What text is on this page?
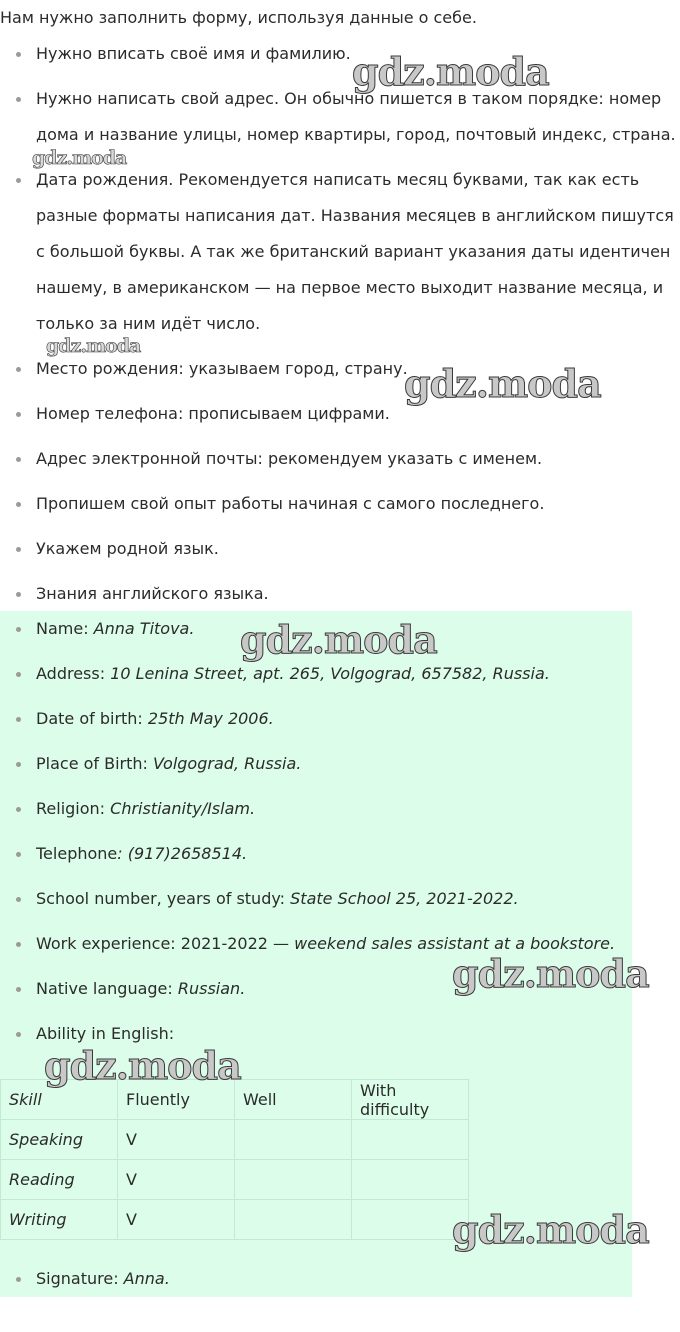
Нам нужно заполнить форму, используя данные о себе.

Нужно вписать своё имя и фамилию.
Нужно написать свой адрес. Он обычно пишется в таком порядке: номер дома и название улицы, номер квартиры, город, почтовый индекс, страна.
Дата рождения. Рекомендуется написать месяц буквами, так как есть разные форматы написания дат. Названия месяцев в английском пишутся с большой буквы. А так же британский вариант указания даты идентичен нашему, в американском — на первое место выходит название месяца, и только за ним идёт число.
Место рождения: указываем город, страну.
Номер телефона: прописываем цифрами.
Адрес электронной почты: рекомендуем указать с именем.
Пропишем свой опыт работы начиная с самого последнего.
Укажем родной язык.
Знания английского языка.
Name: Anna Titova.
Address: 10 Lenina Street, apt. 265, Volgograd, 657582, Russia.
Date of birth: 25th May 2006.
Place of Birth: Volgograd, Russia.
Religion: Christianity/Islam.
Telephone: (917)2658514.
School number, years of study: State School 25, 2021-2022.
Work experience: 2021-2022 — weekend sales assistant at a bookstore.
Native language: Russian.
Ability in English:
Skill	Fluently	Well	With difficulty
Speaking	V		
Reading	V		
Writing	V		
Signature: Anna.
gdz.moda
gdz.moda
gdz.moda
gdz.moda
gdz.moda
gdz.moda
gdz.moda
gdz.moda
